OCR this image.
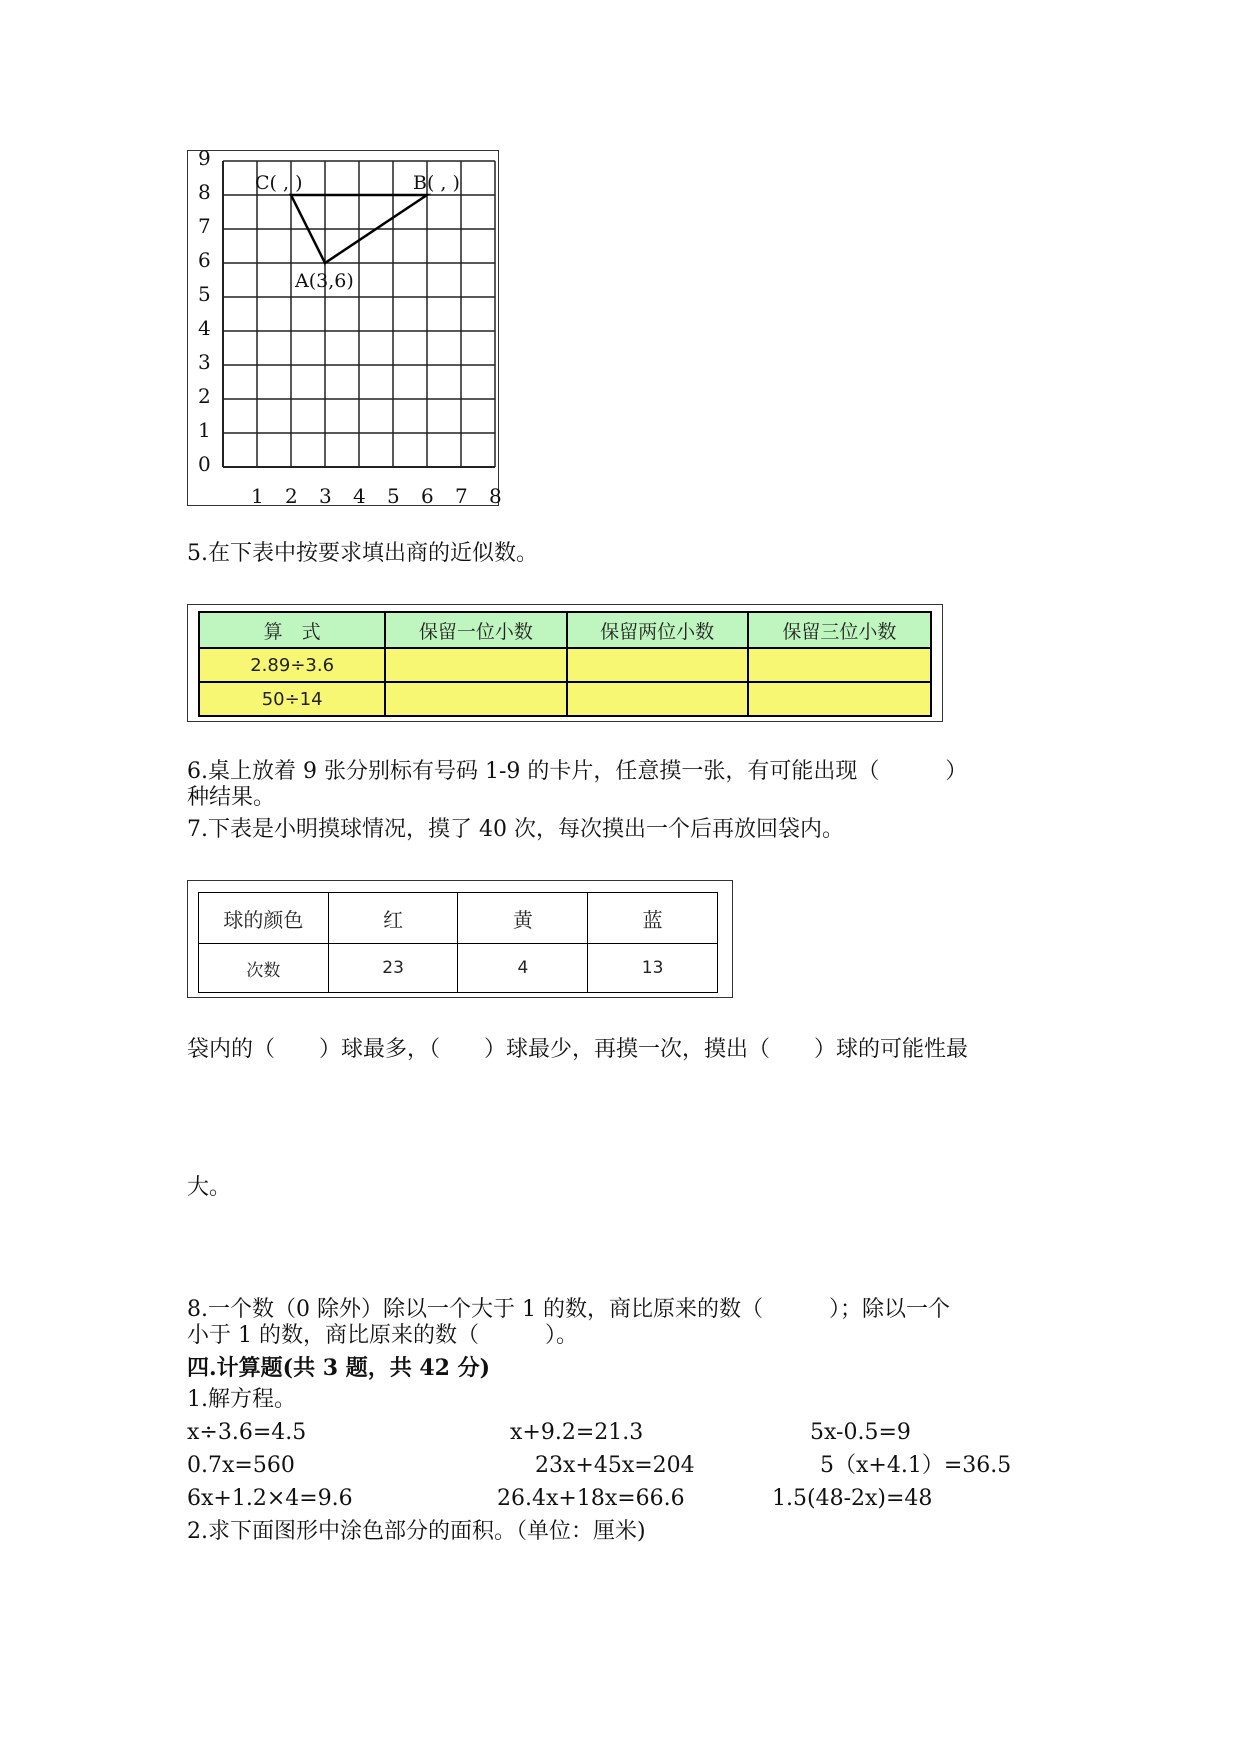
0
1
2
3
4
5
6
7
8
9
1 2 3 4 5 6 7 8
C( , )	B( , )
A(3,6)
5.在下表中按要求填出商的近似数。
算　式	保留一位小数	保留两位小数	保留三位小数
2.89÷3.6			
50÷14			
6.桌上放着 9 张分别标有号码 1-9 的卡片，任意摸一张，有可能出现（　　　）
种结果。
7.下表是小明摸球情况，摸了 40 次，每次摸出一个后再放回袋内。
球的颜色	红	黄	蓝
次数	23	4	13
袋内的（　　）球最多，（　　）球最少，再摸一次，摸出（　　）球的可能性最
大。
8.一个数（0 除外）除以一个大于 1 的数，商比原来的数（　　　）；除以一个
小于 1 的数，商比原来的数（　　　）。
四.计算题(共 3 题，共 42 分)
1.解方程。
x÷3.6=4.5	x+9.2=21.3	5x-0.5=9
0.7x=560	23x+45x=204	5（x+4.1）=36.5
6x+1.2×4=9.6	26.4x+18x=66.6	1.5(48-2x)=48
2.求下面图形中涂色部分的面积。（单位：厘米)
